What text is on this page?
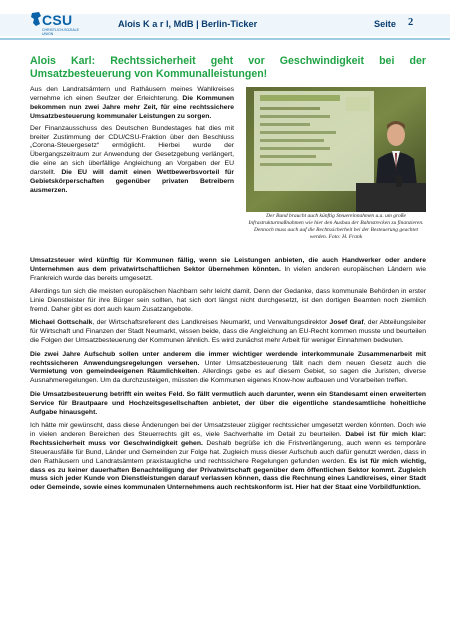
CSU
CHRISTLICH-SOZIALE UNION
Alois K a r l, MdB | Berlin-Ticker	Seite 2
Alois Karl: Rechtssicherheit geht vor Geschwindigkeit bei der Umsatzbesteuerung von Kommunalleistungen!

Aus den Landratsämtern und Rathäusern meines Wahlkreises vernehme ich einen Seufzer der Erleichterung. Die Kommunen bekommen nun zwei Jahre mehr Zeit, für eine rechtssichere Umsatzbesteuerung kommunaler Leistungen zu sorgen.

Der Finanzausschuss des Deutschen Bundestages hat dies mit breiter Zustimmung der CDU/CSU-Fraktion über den Beschluss „Corona-Steuergesetz“ ermöglicht. Hierbei wurde der Übergangszeitraum zur Anwendung der Gesetzgebung verlängert, die eine an sich überfällige Angleichung an Vorgaben der EU darstellt. Die EU will damit einen Wettbewerbsvorteil für Gebietskörperschaften gegenüber privaten Betreibern ausmerzen.

Der Bund braucht auch künftig Steuereinnahmen u.a. um große Infrastrukturmaßnahmen wie hier den Ausbau der Bahnstrecken zu finanzieren. Dennoch muss auch auf die Rechtssicherheit bei der Besteuerung geachtet werden. Foto: H. Frank

Umsatzsteuer wird künftig für Kommunen fällig, wenn sie Leistungen anbieten, die auch Handwerker oder andere Unternehmen aus dem privatwirtschaftlichen Sektor übernehmen könnten. In vielen anderen europäischen Ländern wie Frankreich wurde das bereits umgesetzt.

Allerdings tun sich die meisten europäischen Nachbarn sehr leicht damit. Denn der Gedanke, dass kommunale Behörden in erster Linie Dienstleister für ihre Bürger sein sollten, hat sich dort längst nicht durchgesetzt, ist den dortigen Beamten noch ziemlich fremd. Daher gibt es dort auch kaum Zusatzangebote.

Michael Gottschalk, der Wirtschaftsreferent des Landkreises Neumarkt, und Verwaltungsdirektor Josef Graf, der Abteilungsleiter für Wirtschaft und Finanzen der Stadt Neumarkt, wissen beide, dass die Angleichung an EU-Recht kommen musste und beurteilen die Folgen der Umsatzbesteuerung der Kommunen ähnlich. Es wird zunächst mehr Arbeit für weniger Einnahmen bedeuten.

Die zwei Jahre Aufschub sollen unter anderem die immer wichtiger werdende interkommunale Zusammenarbeit mit rechtssicheren Anwendungsregelungen versehen. Unter Umsatzbesteuerung fällt nach dem neuen Gesetz auch die Vermietung von gemeindeeigenen Räumlichkeiten. Allerdings gebe es auf diesem Gebiet, so sagen die Juristen, diverse Ausnahmeregelungen. Um da durchzusteigen, müssten die Kommunen eigenes Know-how aufbauen und Vorarbeiten treffen.

Die Umsatzbesteuerung betrifft ein weites Feld. So fällt vermutlich auch darunter, wenn ein Standesamt einen erweiterten Service für Brautpaare und Hochzeitsgesellschaften anbietet, der über die eigentliche standesamtliche hoheitliche Aufgabe hinausgeht.

Ich hätte mir gewünscht, dass diese Änderungen bei der Umsatzsteuer zügiger rechtssicher umgesetzt werden könnten. Doch wie in vielen anderen Bereichen des Steuerrechts gilt es, viele Sachverhalte im Detail zu beurteilen. Dabei ist für mich klar: Rechtssicherheit muss vor Geschwindigkeit gehen. Deshalb begrüße ich die Fristverlängerung, auch wenn es temporäre Steuerausfälle für Bund, Länder und Gemeinden zur Folge hat. Zugleich muss dieser Aufschub auch dafür genutzt werden, dass in den Rathäusern und Landratsämtern praxistaugliche und rechtssichere Regelungen gefunden werden. Es ist für mich wichtig, dass es zu keiner dauerhaften Benachteiligung der Privatwirtschaft gegenüber dem öffentlichen Sektor kommt. Zugleich muss sich jeder Kunde von Dienstleistungen darauf verlassen können, dass die Rechnung eines Landkreises, einer Stadt oder Gemeinde, sowie eines kommunalen Unternehmens auch rechtskonform ist. Hier hat der Staat eine Vorbildfunktion.
